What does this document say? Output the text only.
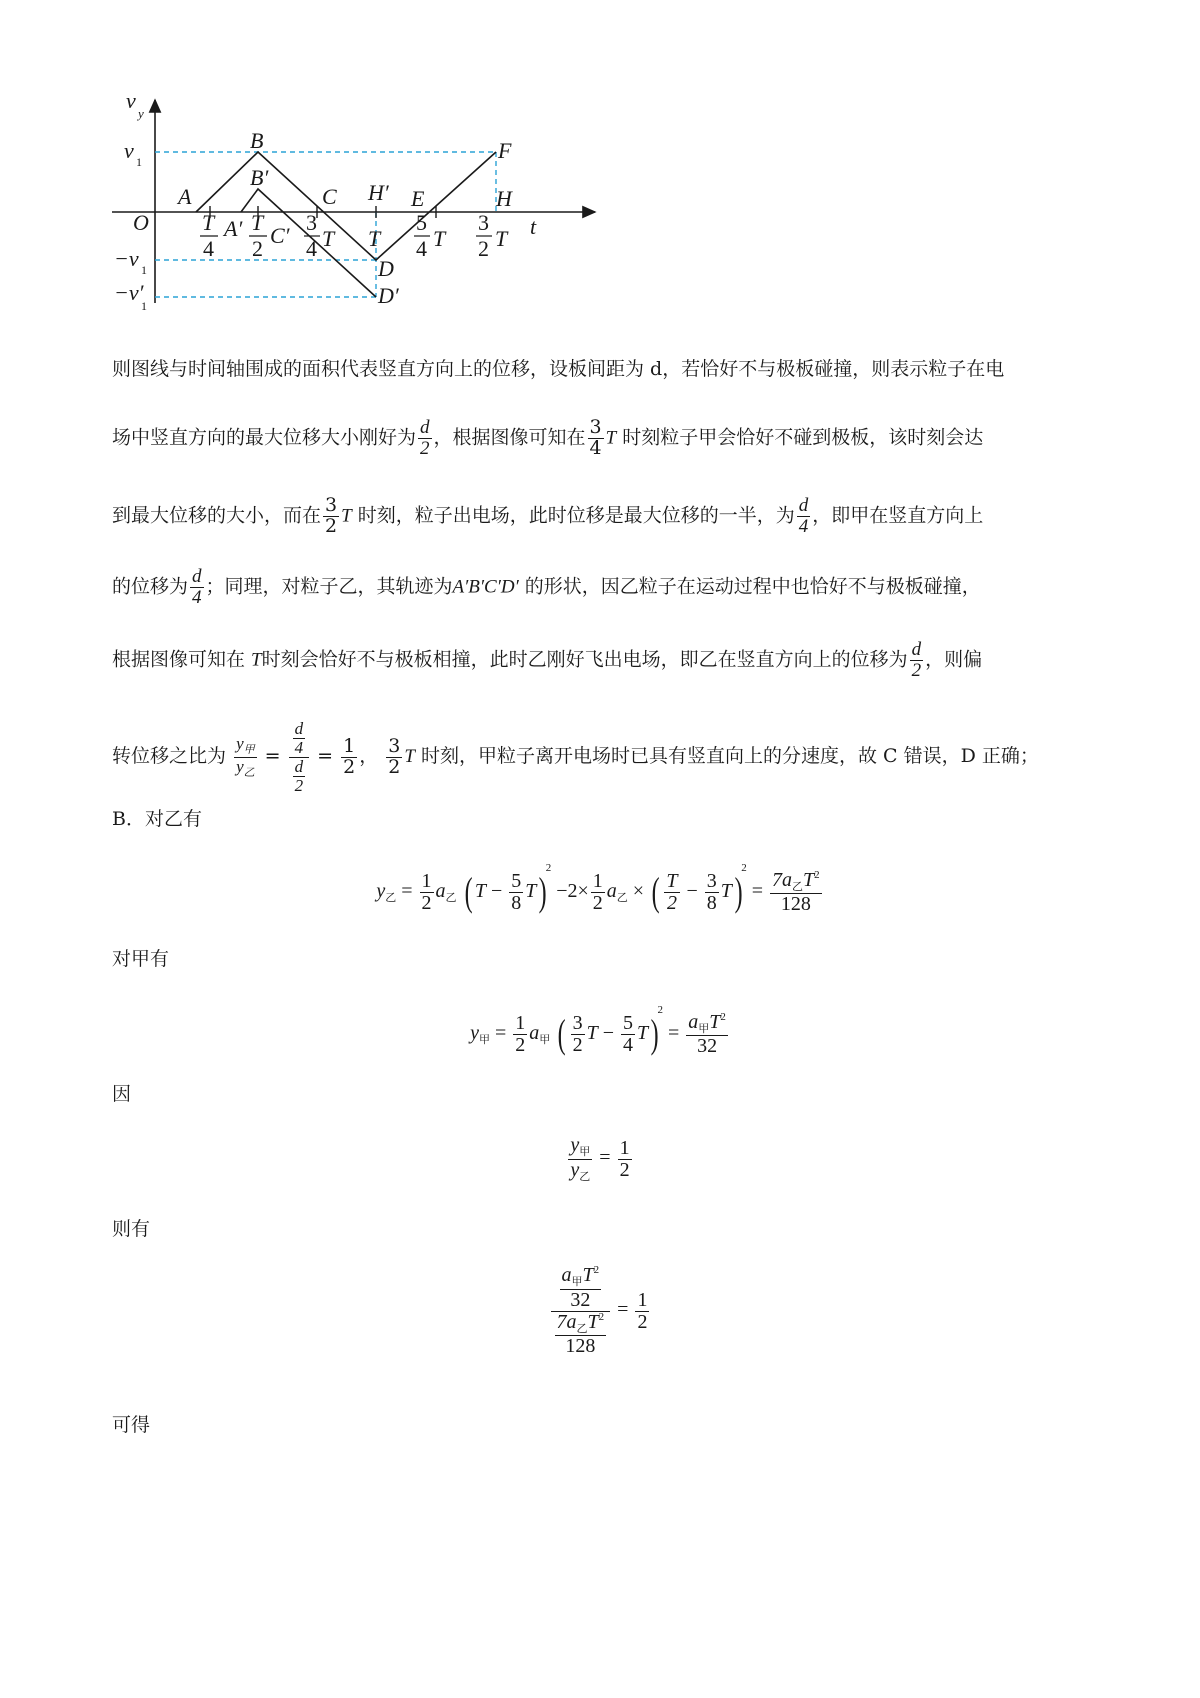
v
y
t
O
v 1
−v 1
−v′
1
A
B
B′
C H′ E
F
H
D
D′
A′ C′
T
4
T
2
3
4 T T
5
4 T
3
2 T
则图线与时间轴围成的面积代表竖直方向上的位移，设板间距为 d，若恰好不与极板碰撞，则表示粒子在电
场中竖直方向的最大位移大小刚好为 $\frac{d}{2}$ ，根据图像可知在 $\frac{3}{4}$ T 时刻粒子甲会恰好不碰到极板，该时刻会达
到最大位移的大小，而在 $\frac{3}{2}$ T 时刻，粒子出电场，此时位移是最大位移的一半，为 $\frac{d}{4}$ ，即甲在竖直方向上
的位移为 $\frac{d}{4}$ ；同理，对粒子乙，其轨迹为A′B′C′D′ 的形状，因乙粒子在运动过程中也恰好不与极板碰撞，
根据图像可知在 T时刻会恰好不与极板相撞，此时乙刚好飞出电场，即乙在竖直方向上的位移为 $\frac{d}{2}$ ，则偏
转位移之比为 $\frac{y_甲}{y_乙} = \frac{\frac{d}{4}}{\frac{d}{2}} = \frac{1}{2}$ ， $\frac{3}{2}$ T 时刻，甲粒子离开电场时已具有竖直向上的分速度，故 C 错误，D 正确；
B．对乙有
$y_乙 = \frac{1}{2} a_乙$ ( $T - \frac{5}{8} T)^2 -2\times \frac{1}{2} a_乙$ × ( $\frac{T}{2} - \frac{3}{8} T)^2 = \frac{7a_乙T^2}{128}$
对甲有
$y_甲 = \frac{1}{2} a_甲$ ( $\frac{3}{2}$ $T - \frac{5}{4} T)^2 = \frac{a_甲T^2}{32}$
因
$\frac{y_甲}{y_乙} = \frac{1}{2}$
则有
$\frac{\frac{a_甲T^2}{32}}{\frac{7a_乙T^2}{128}} = \frac{1}{2}$
可得
